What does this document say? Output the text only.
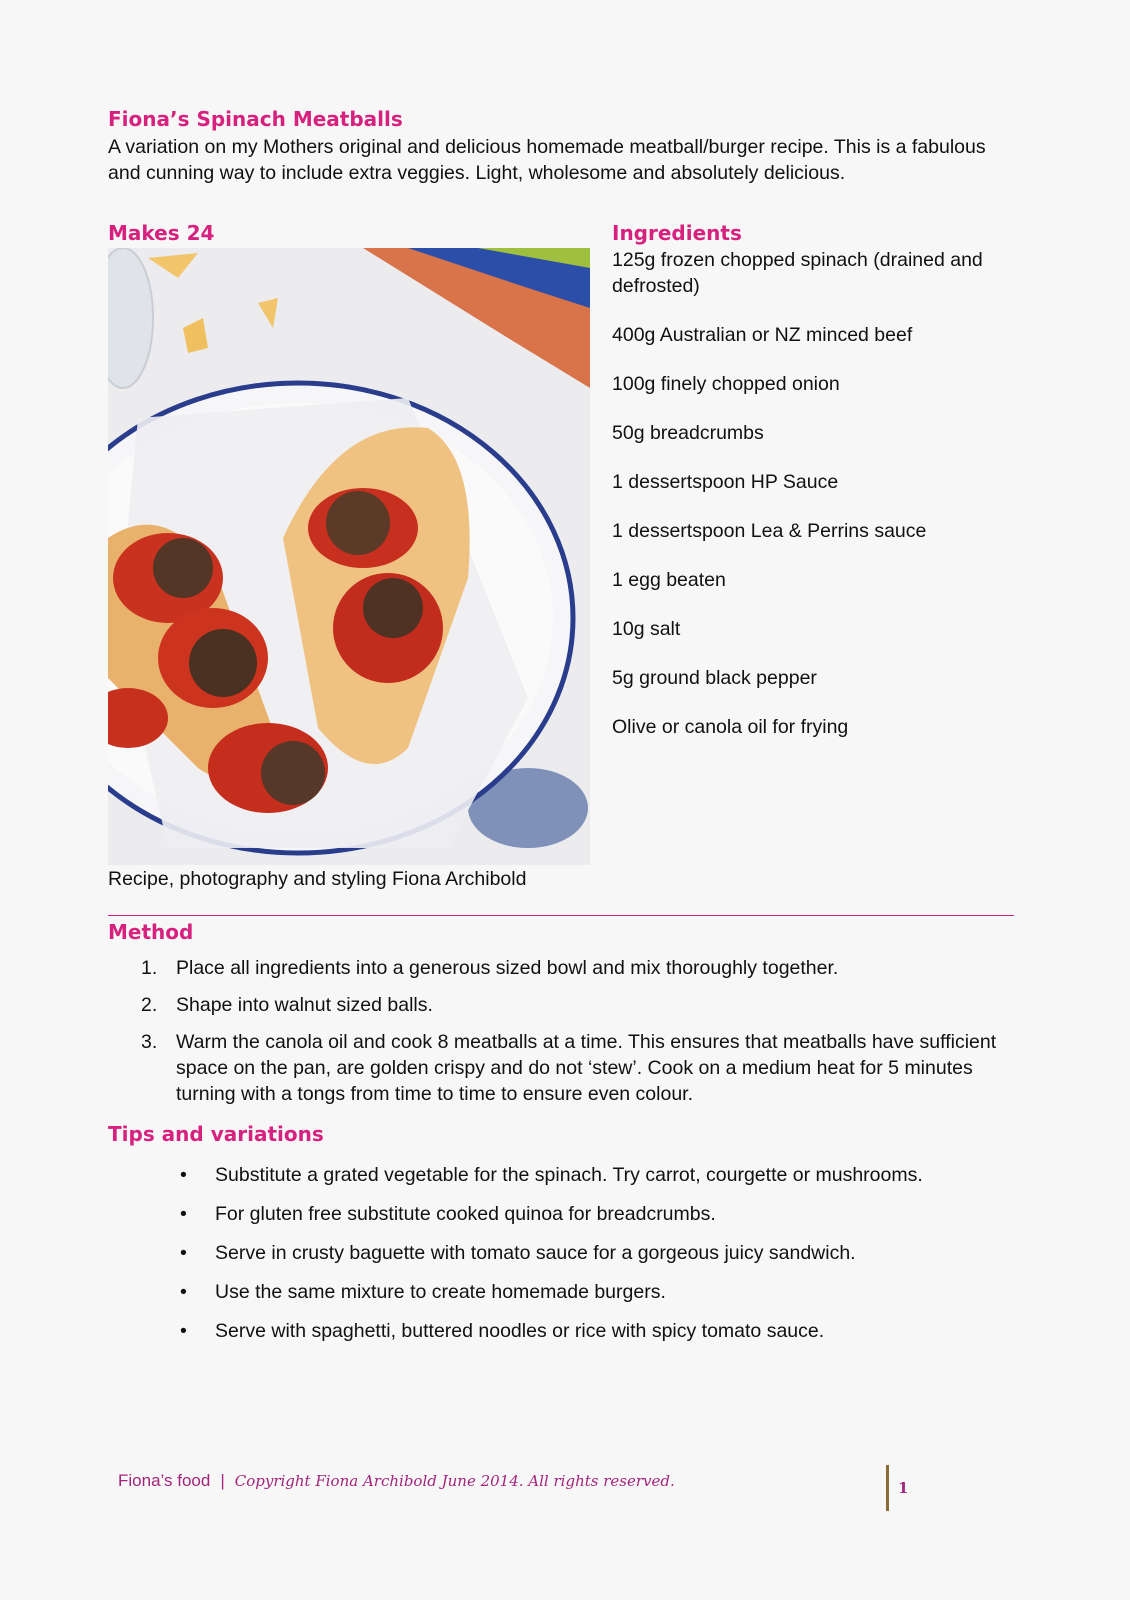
Fiona’s Spinach Meatballs
A variation on my Mothers original and delicious homemade meatball/burger recipe. This is a fabulous and cunning way to include extra veggies. Light, wholesome and absolutely delicious.
Makes 24	Ingredients
Recipe, photography and styling Fiona Archibold
125g frozen chopped spinach (drained and defrosted)
400g Australian or NZ minced beef
100g finely chopped onion
50g breadcrumbs
1 dessertspoon HP Sauce
1 dessertspoon Lea & Perrins sauce
1 egg beaten
10g salt
5g ground black pepper
Olive or canola oil for frying
Method
1. Place all ingredients into a generous sized bowl and mix thoroughly together.
2. Shape into walnut sized balls.
3. Warm the canola oil and cook 8 meatballs at a time. This ensures that meatballs have sufficient space on the pan, are golden crispy and do not ‘stew’. Cook on a medium heat for 5 minutes turning with a tongs from time to time to ensure even colour.
Tips and variations
• Substitute a grated vegetable for the spinach. Try carrot, courgette or mushrooms.
• For gluten free substitute cooked quinoa for breadcrumbs.
• Serve in crusty baguette with tomato sauce for a gorgeous juicy sandwich.
• Use the same mixture to create homemade burgers.
• Serve with spaghetti, buttered noodles or rice with spicy tomato sauce.
Fiona’s food | Copyright Fiona Archibold June 2014. All rights reserved.	1
